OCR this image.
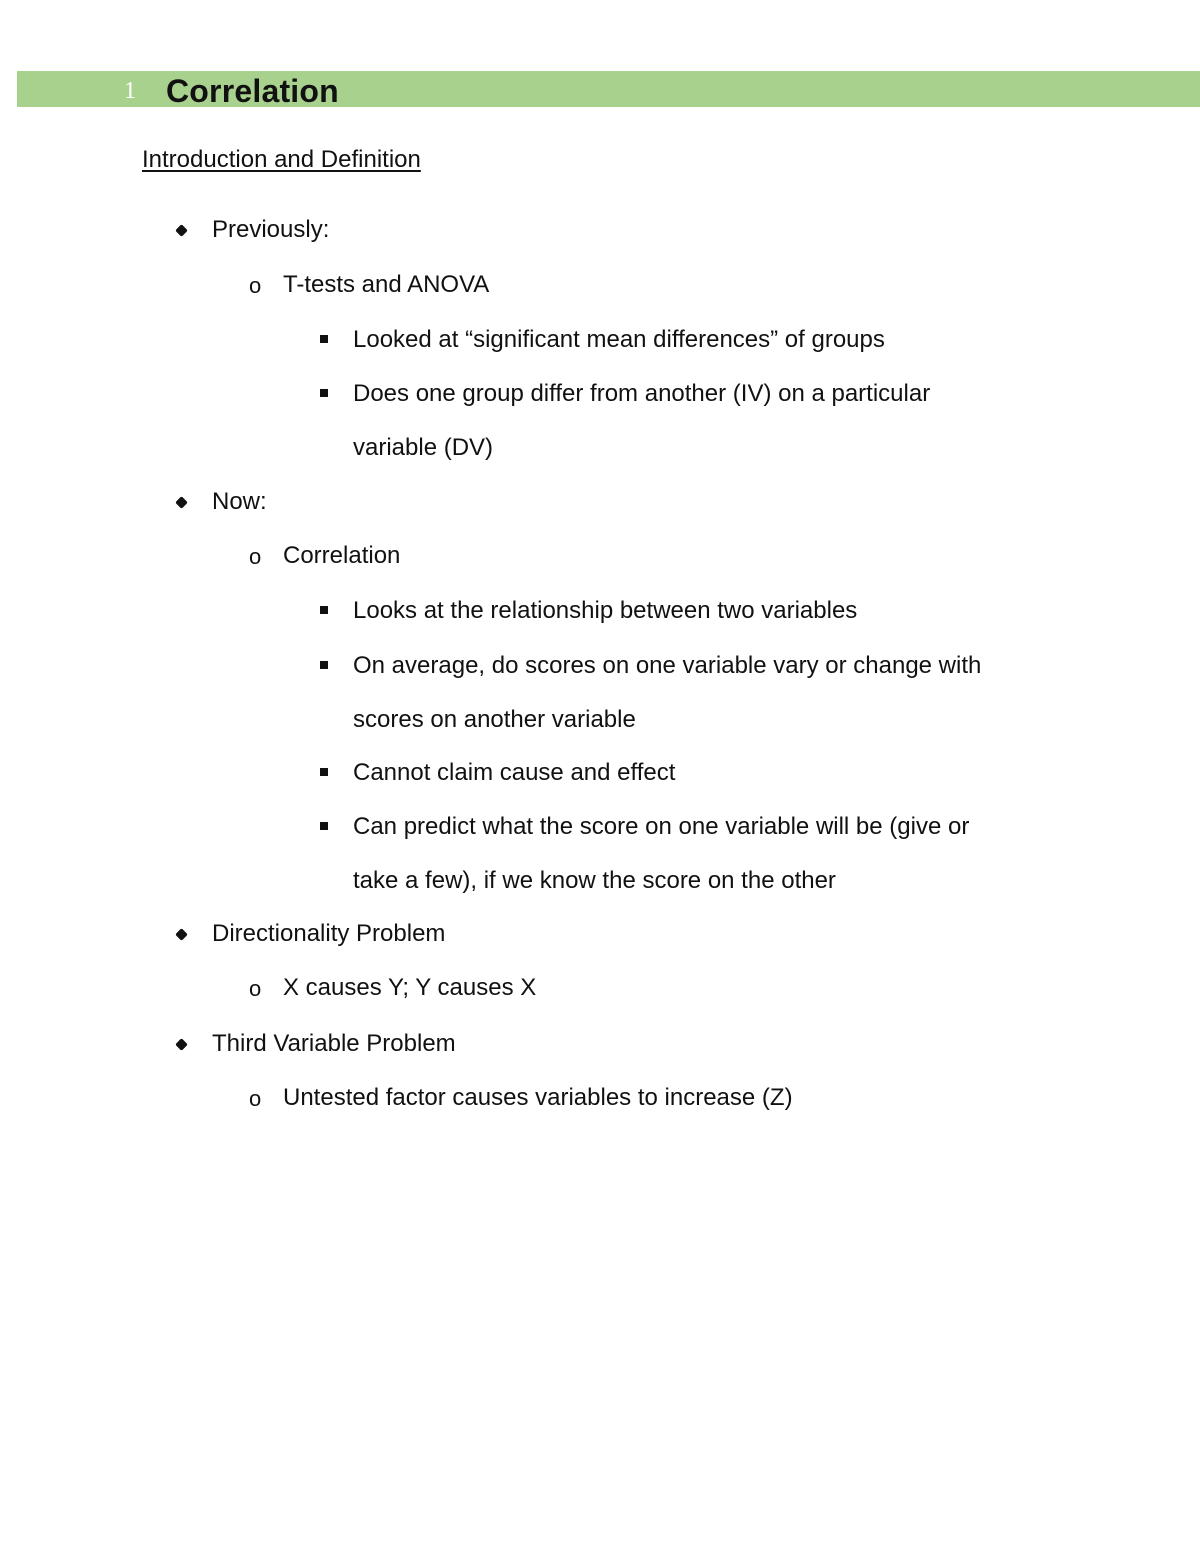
1 Correlation
Introduction and Definition
Previously:
o T-tests and ANOVA
Looked at “significant mean differences” of groups
Does one group differ from another (IV) on a particular
variable (DV)
Now:
o Correlation
Looks at the relationship between two variables
On average, do scores on one variable vary or change with
scores on another variable
Cannot claim cause and effect
Can predict what the score on one variable will be (give or
take a few), if we know the score on the other
Directionality Problem
o X causes Y; Y causes X
Third Variable Problem
o Untested factor causes variables to increase (Z)
